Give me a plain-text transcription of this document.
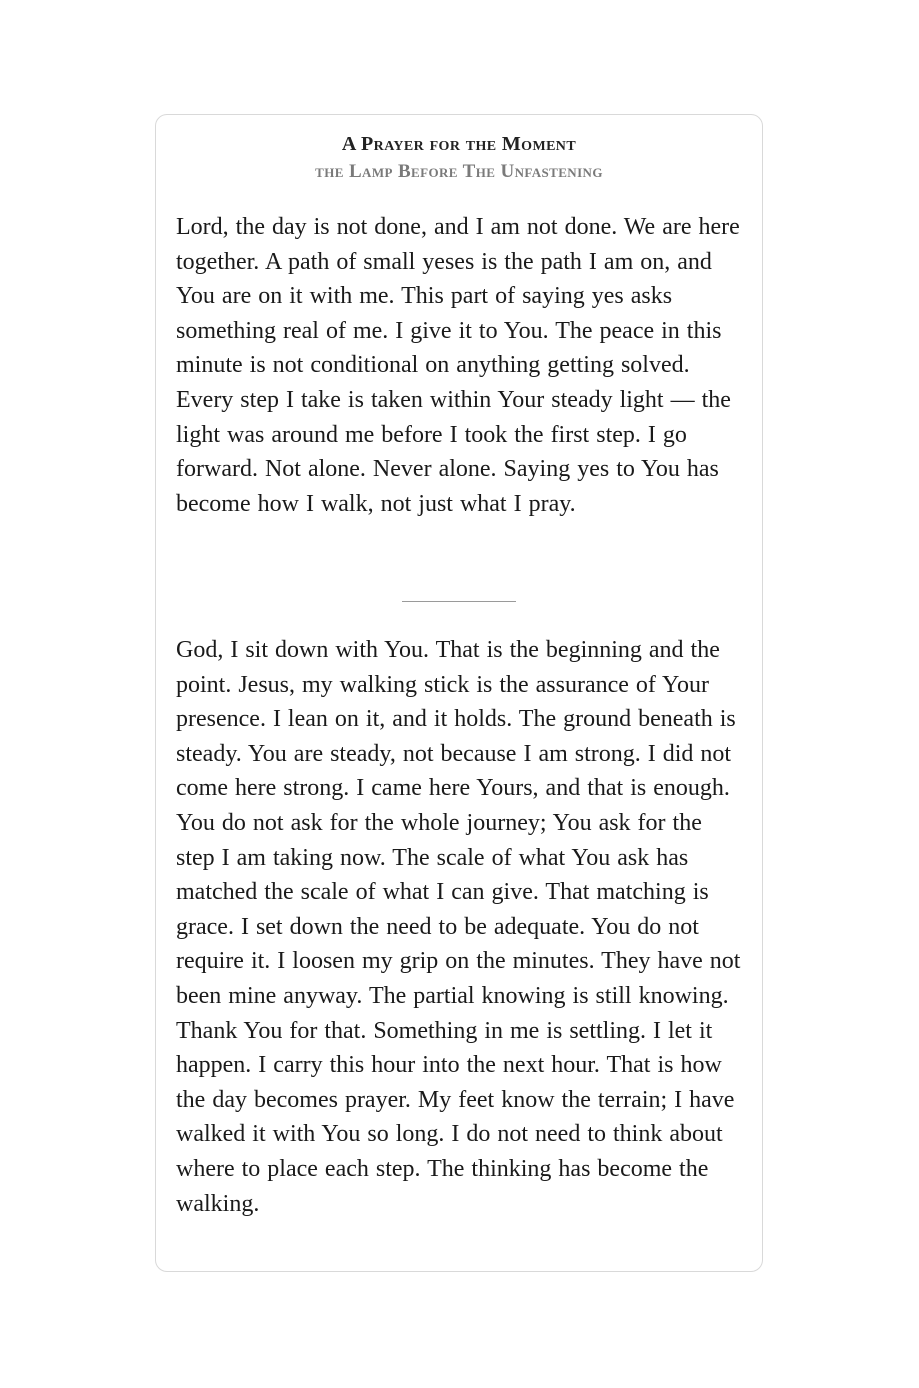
A Prayer for the Moment
the Lamp Before The Unfastening

Lord, the day is not done, and I am not done. We are here together. A path of small yeses is the path I am on, and You are on it with me. This part of saying yes asks something real of me. I give it to You. The peace in this minute is not conditional on anything getting solved. Every step I take is taken within Your steady light — the light was around me before I took the first step. I go forward. Not alone. Never alone. Saying yes to You has become how I walk, not just what I pray.

God, I sit down with You. That is the beginning and the point. Jesus, my walking stick is the assurance of Your presence. I lean on it, and it holds. The ground beneath is steady. You are steady, not because I am strong. I did not come here strong. I came here Yours, and that is enough. You do not ask for the whole journey; You ask for the step I am taking now. The scale of what You ask has matched the scale of what I can give. That matching is grace. I set down the need to be adequate. You do not require it. I loosen my grip on the minutes. They have not been mine anyway. The partial knowing is still knowing. Thank You for that. Something in me is settling. I let it happen. I carry this hour into the next hour. That is how the day becomes prayer. My feet know the terrain; I have walked it with You so long. I do not need to think about where to place each step. The thinking has become the walking.
